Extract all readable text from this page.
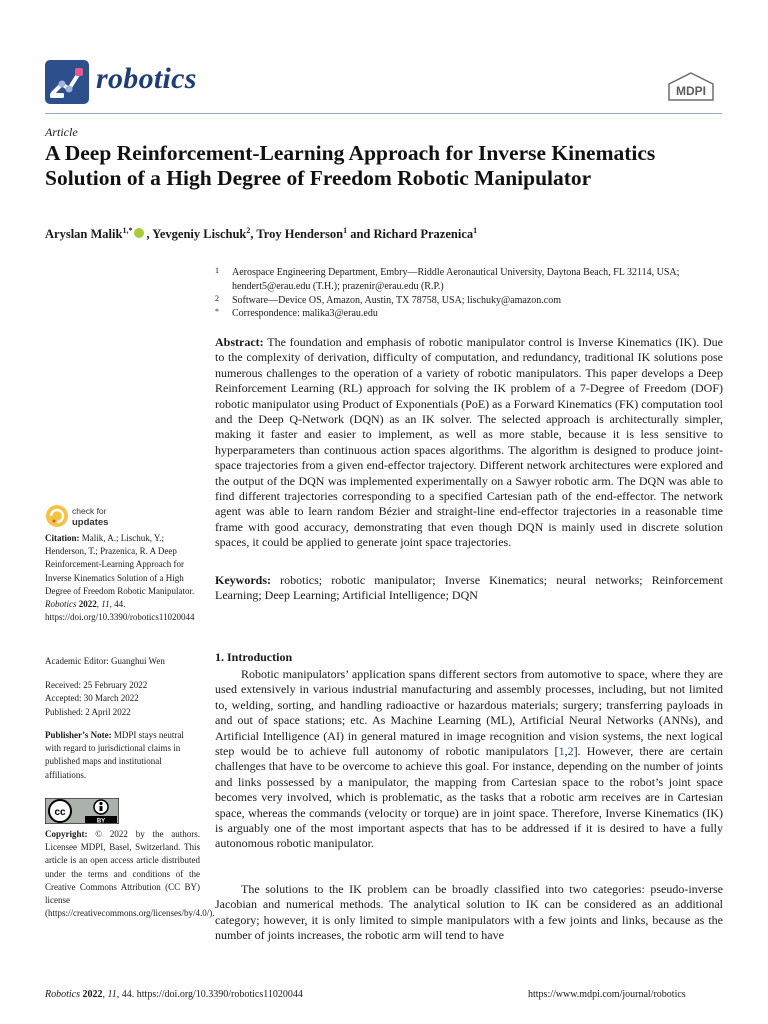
robotics	MDPI
Article
A Deep Reinforcement-Learning Approach for Inverse Kinematics Solution of a High Degree of Freedom Robotic Manipulator
Aryslan Malik$^{1,*}$ , Yevgeniy Lischuk$^2$, Troy Henderson$^1$ and Richard Prazenica$^1$
1 Aerospace Engineering Department, Embry—Riddle Aeronautical University, Daytona Beach, FL 32114, USA; hendert5@erau.edu (T.H.); prazenir@erau.edu (R.P.)
2 Software—Device OS, Amazon, Austin, TX 78758, USA; lischuky@amazon.com
* Correspondence: malika3@erau.edu
Abstract: The foundation and emphasis of robotic manipulator control is Inverse Kinematics (IK). Due to the complexity of derivation, difficulty of computation, and redundancy, traditional IK solutions pose numerous challenges to the operation of a variety of robotic manipulators. This paper develops a Deep Reinforcement Learning (RL) approach for solving the IK problem of a 7-Degree of Freedom (DOF) robotic manipulator using Product of Exponentials (PoE) as a Forward Kinematics (FK) computation tool and the Deep Q-Network (DQN) as an IK solver. The selected approach is architecturally simpler, making it faster and easier to implement, as well as more stable, because it is less sensitive to hyperparameters than continuous action spaces algorithms. The algorithm is designed to produce joint-space trajectories from a given end-effector trajectory. Different network architectures were explored and the output of the DQN was implemented experimentally on a Sawyer robotic arm. The DQN was able to find different trajectories corresponding to a specified Cartesian path of the end-effector. The network agent was able to learn random Bézier and straight-line end-effector trajectories in a reasonable time frame with good accuracy, demonstrating that even though DQN is mainly used in discrete solution spaces, it could be applied to generate joint space trajectories.
Keywords: robotics; robotic manipulator; Inverse Kinematics; neural networks; Reinforcement Learning; Deep Learning; Artificial Intelligence; DQN
1. Introduction
Robotic manipulators’ application spans different sectors from automotive to space, where they are used extensively in various industrial manufacturing and assembly processes, including, but not limited to, welding, sorting, and handling radioactive or hazardous materials; surgery; transferring payloads in and out of space stations; etc. As Machine Learning (ML), Artificial Neural Networks (ANNs), and Artificial Intelligence (AI) in general matured in image recognition and vision systems, the next logical step would be to achieve full autonomy of robotic manipulators [1,2]. However, there are certain challenges that have to be overcome to achieve this goal. For instance, depending on the number of joints and links possessed by a manipulator, the mapping from Cartesian space to the robot’s joint space becomes very involved, which is problematic, as the tasks that a robotic arm receives are in Cartesian space, whereas the commands (velocity or torque) are in joint space. Therefore, Inverse Kinematics (IK) is arguably one of the most important aspects that has to be addressed if it is desired to have a fully autonomous robotic manipulator.
The solutions to the IK problem can be broadly classified into two categories: pseudo-inverse Jacobian and numerical methods. The analytical solution to IK can be considered as an additional category; however, it is only limited to simple manipulators with a few joints and links, because as the number of joints increases, the robotic arm will tend to have
check for
updates
Citation: Malik, A.; Lischuk, Y.; Henderson, T.; Prazenica, R. A Deep Reinforcement-Learning Approach for Inverse Kinematics Solution of a High Degree of Freedom Robotic Manipulator. Robotics 2022, 11, 44. https://doi.org/10.3390/robotics11020044
Academic Editor: Guanghui Wen
Received: 25 February 2022
Accepted: 30 March 2022
Published: 2 April 2022
Publisher’s Note: MDPI stays neutral with regard to jurisdictional claims in published maps and institutional affiliations.
cc
BY
Copyright: © 2022 by the authors. Licensee MDPI, Basel, Switzerland. This article is an open access article distributed under the terms and conditions of the Creative Commons Attribution (CC BY) license (https://creativecommons.org/licenses/by/4.0/).
Robotics 2022, 11, 44. https://doi.org/10.3390/robotics11020044	https://www.mdpi.com/journal/robotics
